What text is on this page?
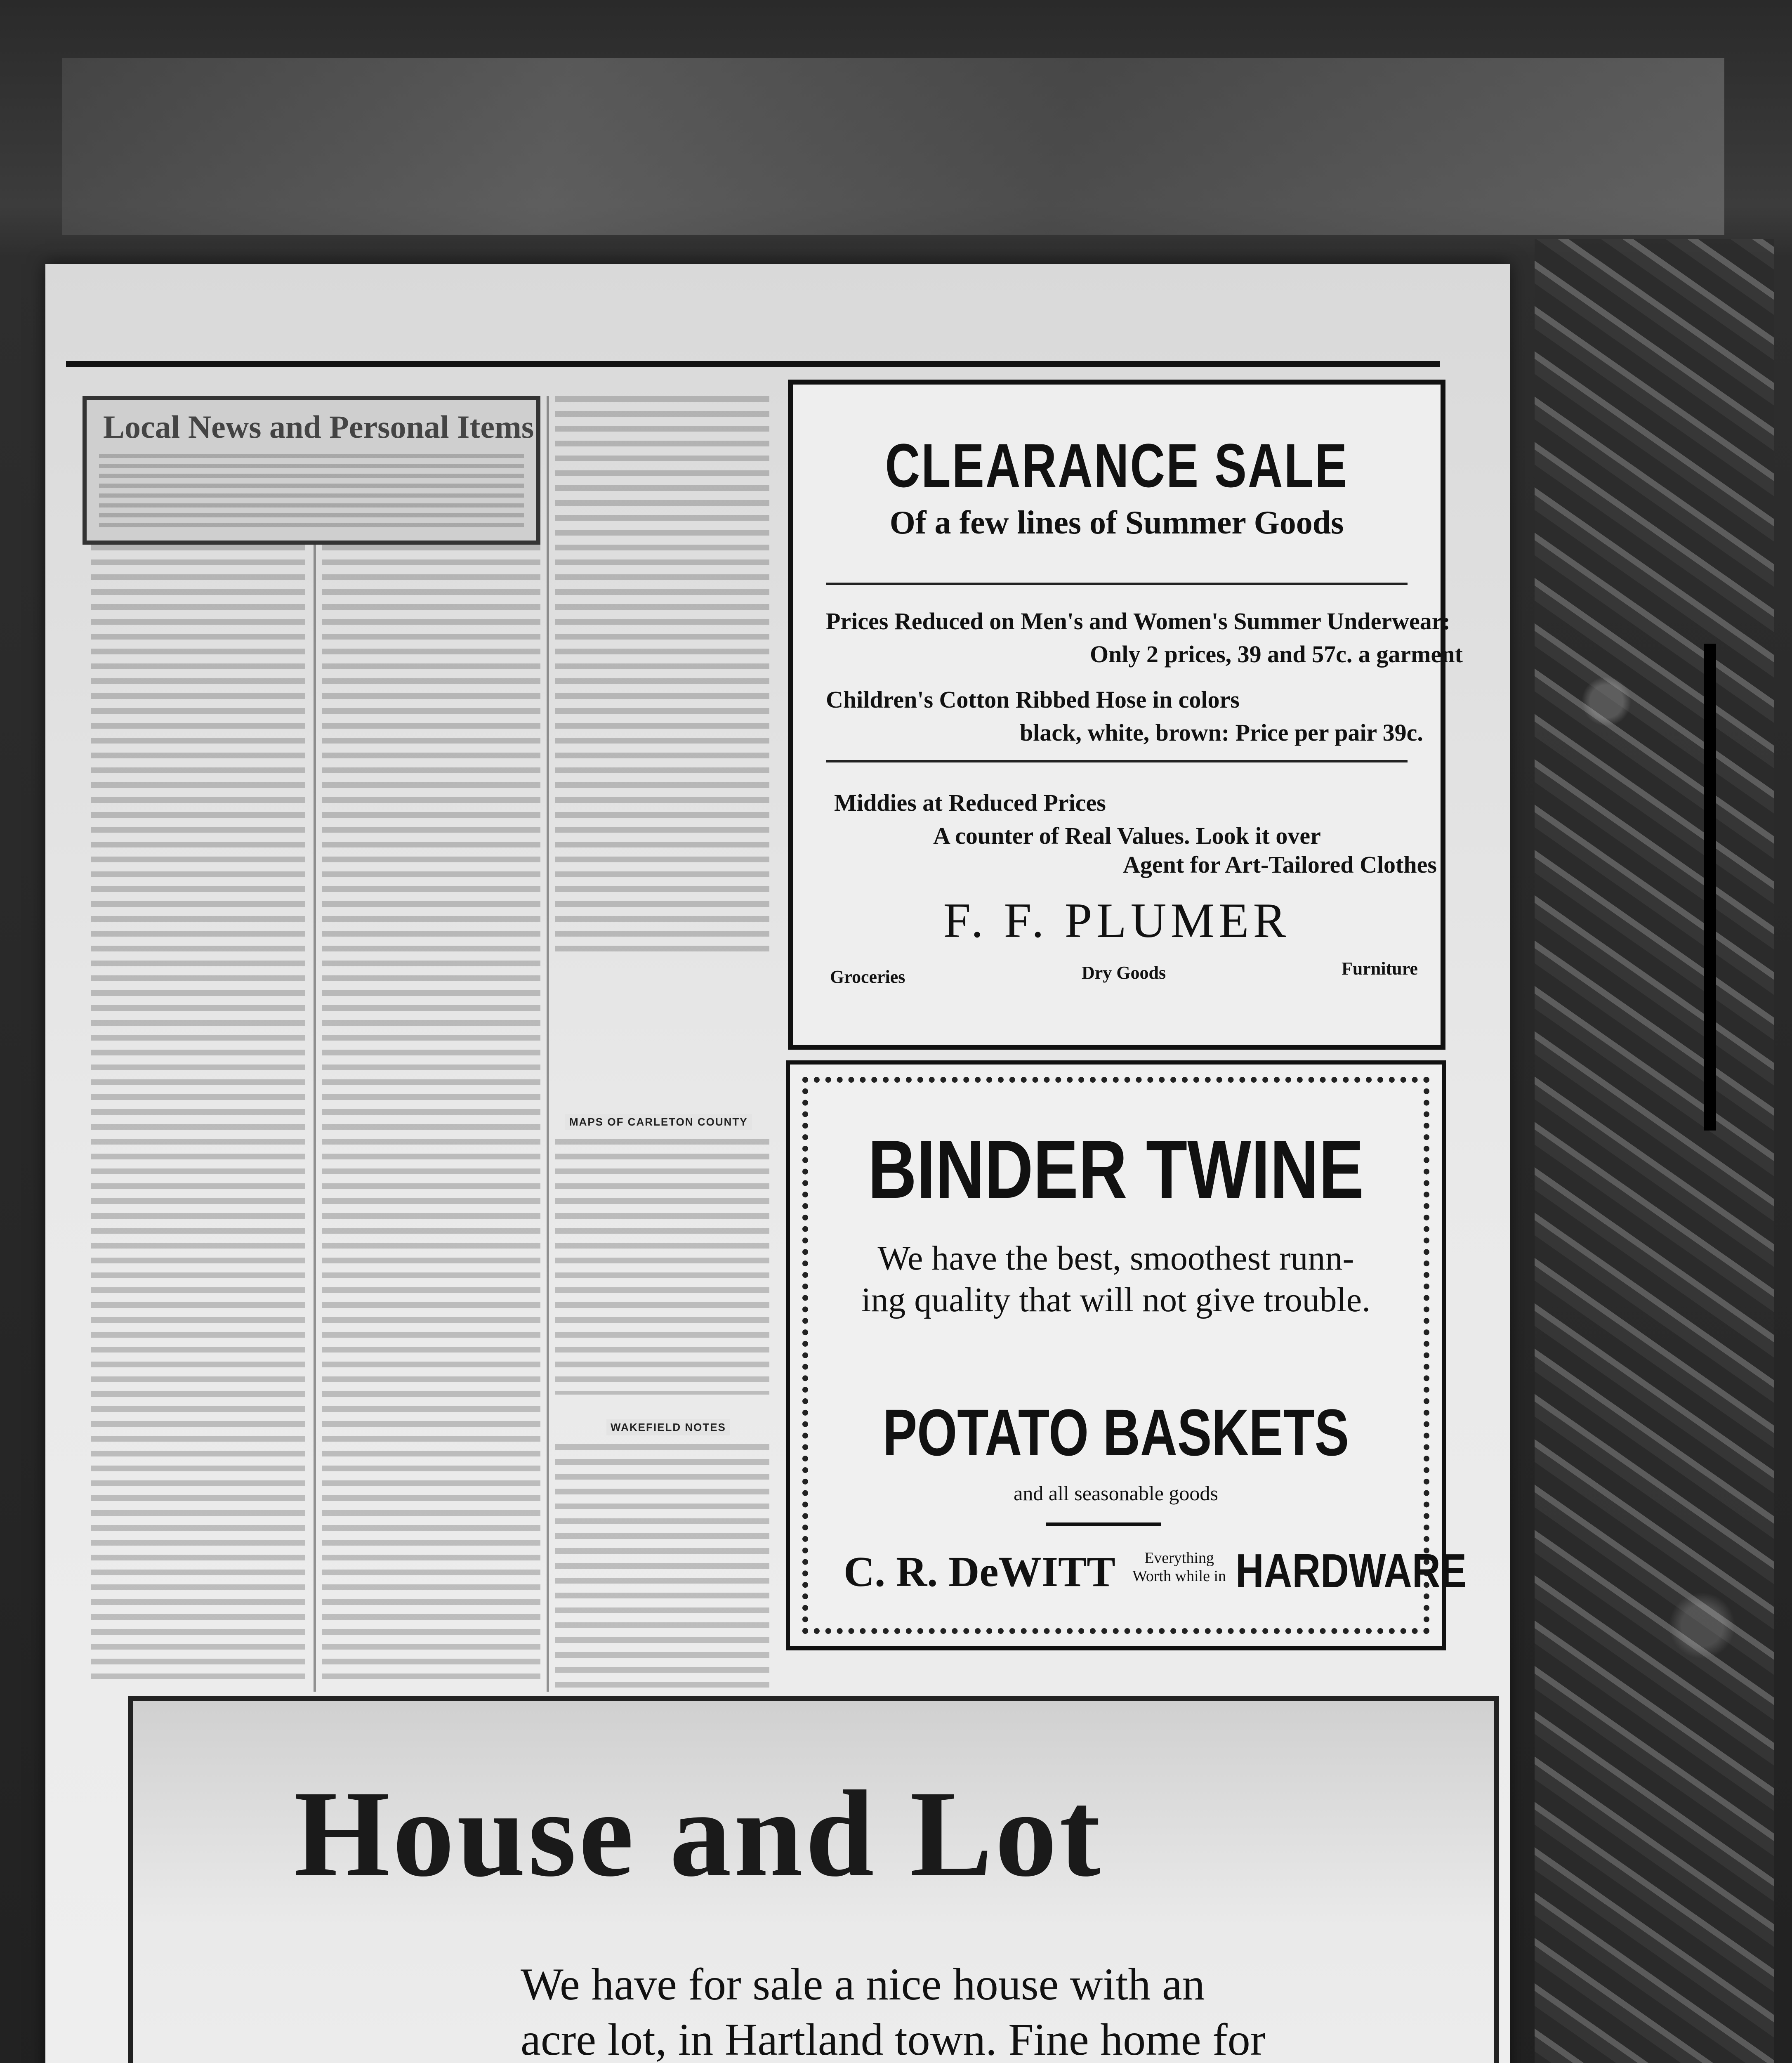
Local News and Personal Items
MAPS OF CARLETON COUNTY
WAKEFIELD NOTES
CLEARANCE SALE
Of a few lines of Summer Goods
Prices Reduced on Men's and Women's Summer Underwear:
Only 2 prices, 39 and 57c. a garment
Children's Cotton Ribbed Hose in colors
black, white, brown: Price per pair 39c.
Middies at Reduced Prices
A counter of Real Values. Look it over
Agent for Art-Tailored Clothes
F. F. PLUMER
Groceries	Dry Goods	Furniture
BINDER TWINE
We have the best, smoothest runn-
ing quality that will not give trouble.
POTATO BASKETS
and all seasonable goods
C. R. DeWITT	Everything
Worth while in HARDWARE
House and Lot
We have for sale a nice house with an
acre lot, in Hartland town. Fine home for
